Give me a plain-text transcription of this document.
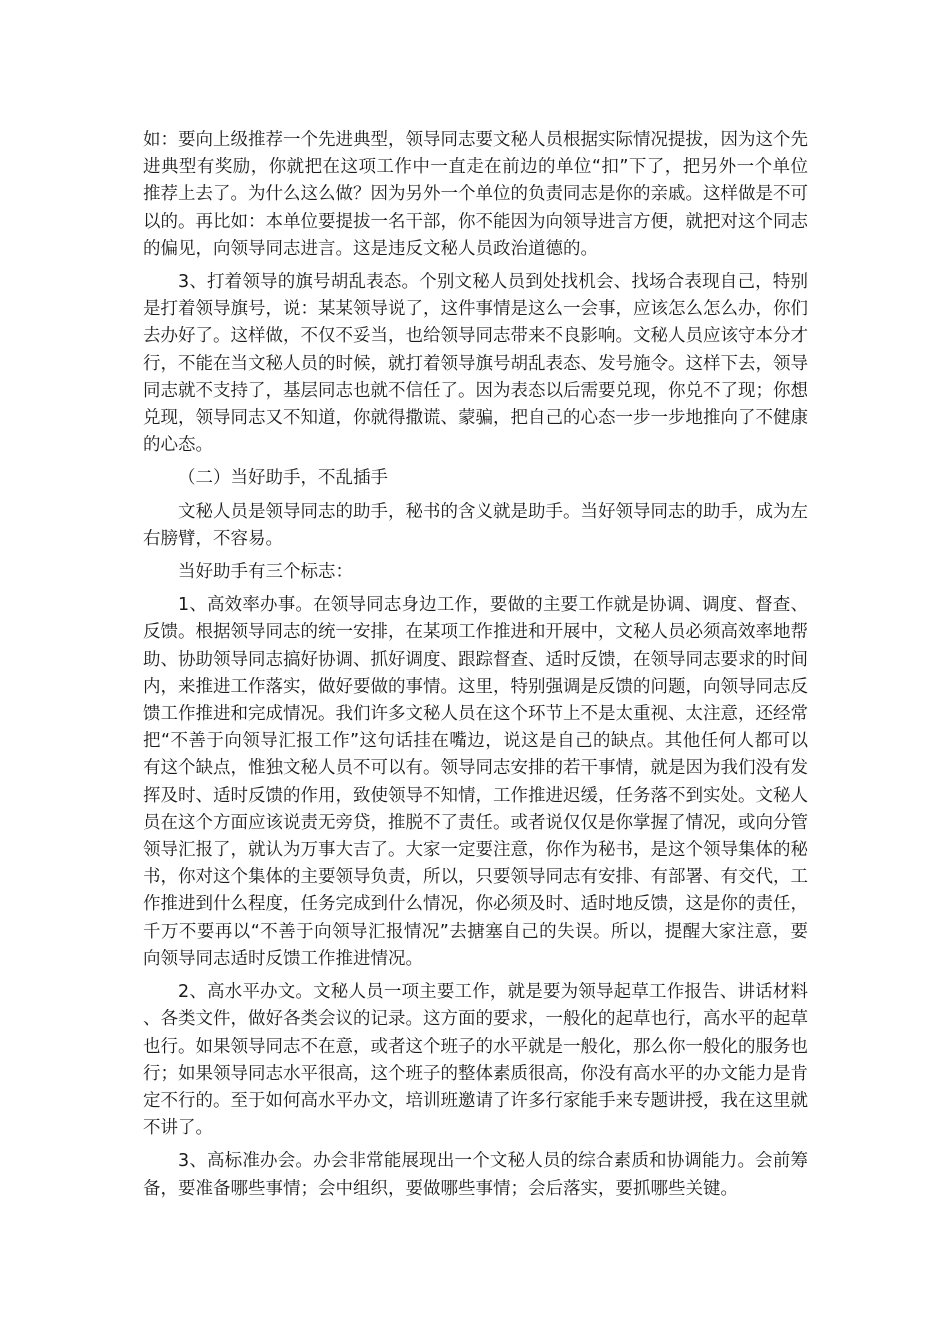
如：要向上级推荐一个先进典型，领导同志要文秘人员根据实际情况提拔，因为这个先进典型有奖励，你就把在这项工作中一直走在前边的单位“扣”下了，把另外一个单位推荐上去了。为什么这么做？因为另外一个单位的负责同志是你的亲戚。这样做是不可以的。再比如：本单位要提拔一名干部，你不能因为向领导进言方便，就把对这个同志的偏见，向领导同志进言。这是违反文秘人员政治道德的。

3、打着领导的旗号胡乱表态。个别文秘人员到处找机会、找场合表现自己，特别是打着领导旗号，说：某某领导说了，这件事情是这么一会事，应该怎么怎么办，你们去办好了。这样做，不仅不妥当，也给领导同志带来不良影响。文秘人员应该守本分才行，不能在当文秘人员的时候，就打着领导旗号胡乱表态、发号施令。这样下去，领导同志就不支持了，基层同志也就不信任了。因为表态以后需要兑现，你兑不了现；你想兑现，领导同志又不知道，你就得撒谎、蒙骗，把自己的心态一步一步地推向了不健康的心态。

（二）当好助手，不乱插手

文秘人员是领导同志的助手，秘书的含义就是助手。当好领导同志的助手，成为左右膀臂，不容易。

当好助手有三个标志：

1、高效率办事。在领导同志身边工作，要做的主要工作就是协调、调度、督查、反馈。根据领导同志的统一安排，在某项工作推进和开展中，文秘人员必须高效率地帮助、协助领导同志搞好协调、抓好调度、跟踪督查、适时反馈，在领导同志要求的时间内，来推进工作落实，做好要做的事情。这里，特别强调是反馈的问题，向领导同志反馈工作推进和完成情况。我们许多文秘人员在这个环节上不是太重视、太注意，还经常把“不善于向领导汇报工作”这句话挂在嘴边，说这是自己的缺点。其他任何人都可以有这个缺点，惟独文秘人员不可以有。领导同志安排的若干事情，就是因为我们没有发挥及时、适时反馈的作用，致使领导不知情，工作推进迟缓，任务落不到实处。文秘人员在这个方面应该说责无旁贷，推脱不了责任。或者说仅仅是你掌握了情况，或向分管领导汇报了，就认为万事大吉了。大家一定要注意，你作为秘书，是这个领导集体的秘书，你对这个集体的主要领导负责，所以，只要领导同志有安排、有部署、有交代，工作推进到什么程度，任务完成到什么情况，你必须及时、适时地反馈，这是你的责任，千万不要再以“不善于向领导汇报情况”去搪塞自己的失误。所以，提醒大家注意，要向领导同志适时反馈工作推进情况。

2、高水平办文。文秘人员一项主要工作，就是要为领导起草工作报告、讲话材料、各类文件，做好各类会议的记录。这方面的要求，一般化的起草也行，高水平的起草也行。如果领导同志不在意，或者这个班子的水平就是一般化，那么你一般化的服务也行；如果领导同志水平很高，这个班子的整体素质很高，你没有高水平的办文能力是肯定不行的。至于如何高水平办文，培训班邀请了许多行家能手来专题讲授，我在这里就不讲了。

3、高标准办会。办会非常能展现出一个文秘人员的综合素质和协调能力。会前筹备，要准备哪些事情；会中组织，要做哪些事情；会后落实，要抓哪些关键。
